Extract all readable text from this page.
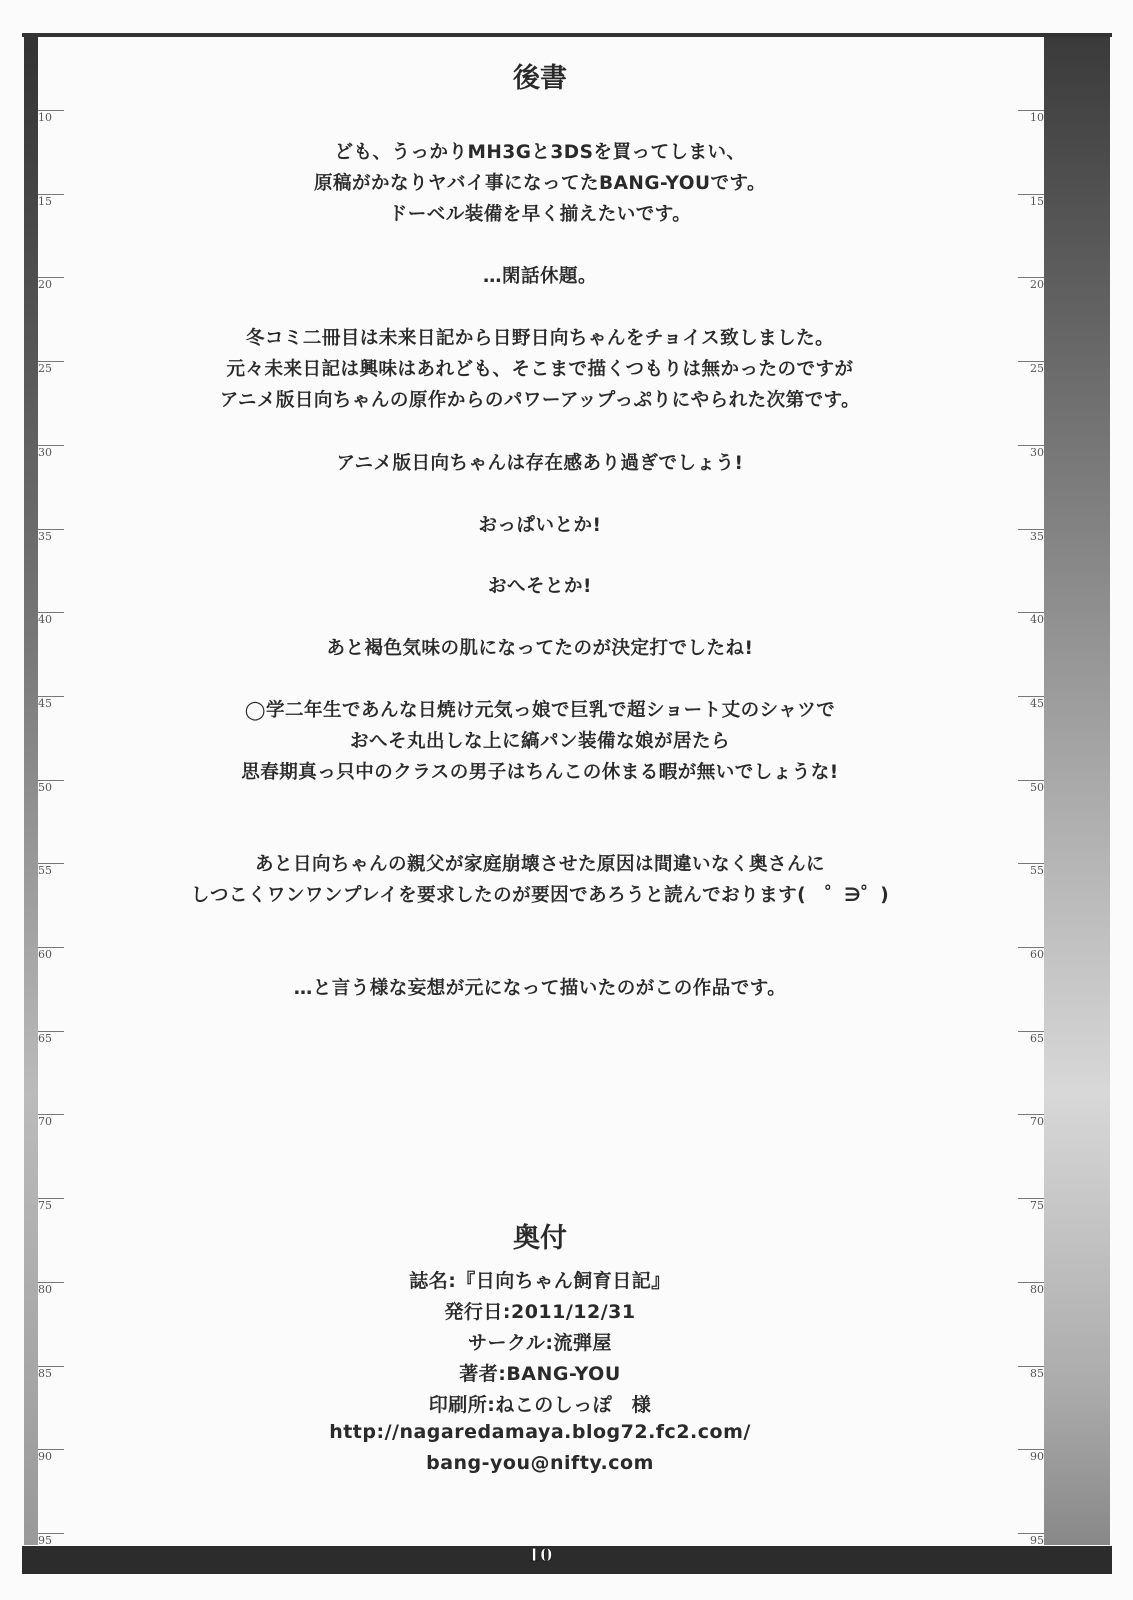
10
10	10
15	15
20	20
25	25
30	30
35	35
40	40
45	45
50	50
55	55
60	60
65	65
70	70
75	75
80	80
85	85
90	90
95	95
後書
ども、うっかりMH3Gと3DSを買ってしまい、
原稿がかなりヤバイ事になってたBANG-YOUです。
ドーベル装備を早く揃えたいです。
…閑話休題。
冬コミ二冊目は未来日記から日野日向ちゃんをチョイス致しました。
元々未来日記は興味はあれども、そこまで描くつもりは無かったのですが
アニメ版日向ちゃんの原作からのパワーアップっぷりにやられた次第です。
アニメ版日向ちゃんは存在感あり過ぎでしょう!
おっぱいとか!
おへそとか!
あと褐色気味の肌になってたのが決定打でしたね!
◯学二年生であんな日焼け元気っ娘で巨乳で超ショート丈のシャツで
おへそ丸出しな上に縞パン装備な娘が居たら
思春期真っ只中のクラスの男子はちんこの休まる暇が無いでしょうな!
あと日向ちゃんの親父が家庭崩壊させた原因は間違いなく奥さんに
しつこくワンワンプレイを要求したのが要因であろうと読んでおります(　゜∋゜)
…と言う様な妄想が元になって描いたのがこの作品です。
奥付
誌名:『日向ちゃん飼育日記』
発行日:2011/12/31
サークル:流弾屋
著者:BANG-YOU
印刷所:ねこのしっぽ　様
http://nagaredamaya.blog72.fc2.com/
bang-you@nifty.com
